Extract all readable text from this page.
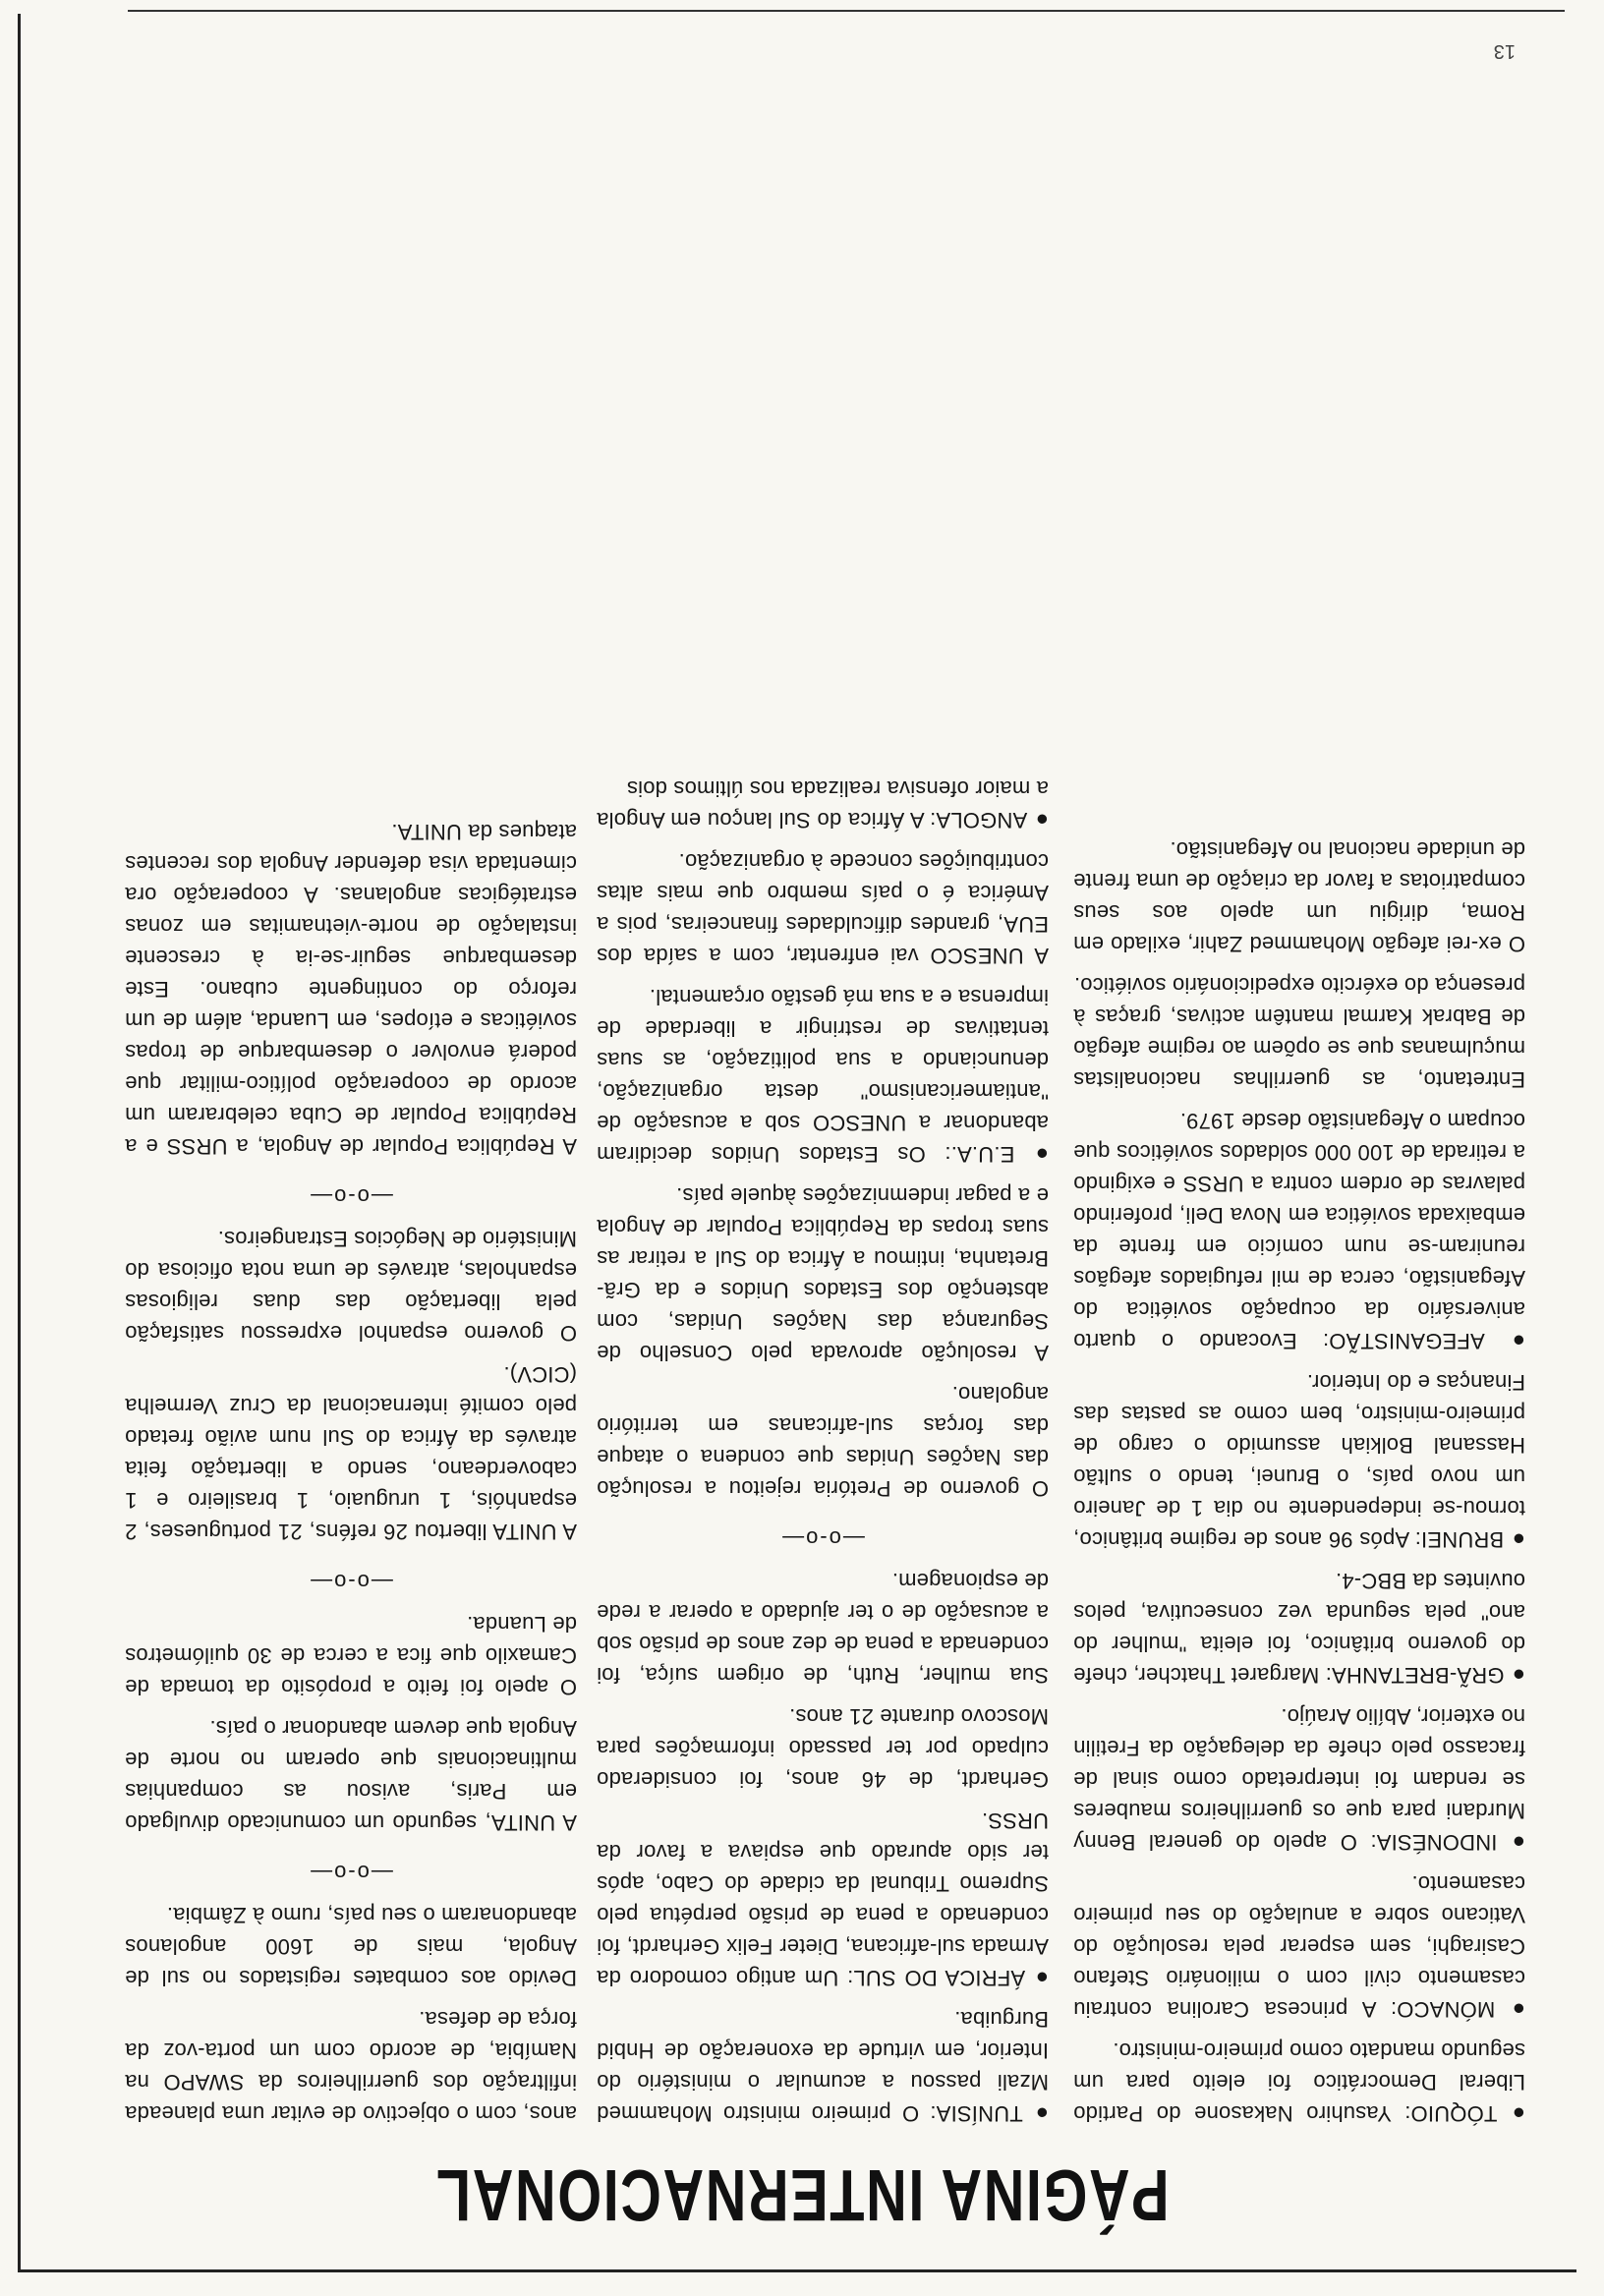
PÁGINA INTERNACIONAL

●TÓQUIO: Yasuhiro Nakasone do Partido Liberal Democrático foi eleito para um segundo mandato como primeiro-ministro.

●MÓNACO: A princesa Carolina contraiu casamento civil com o milionário Stefano Casiraghi, sem esperar pela resolução do Vaticano sobre a anulação do seu primeiro casamento.

●INDONÉSIA: O apelo do general Benny Murdani para que os guerrilheiros mauberes se rendam foi interpretado como sinal de fracasso pelo chefe da delegação da Fretilin no exterior, Abílio Araújo.

●GRÃ-BRETANHA: Margaret Thatcher, chefe do governo britânico, foi eleita "mulher do ano" pela segunda vez consecutiva, pelos ouvintes da BBC-4.

●BRUNEI: Após 96 anos de regime britânico, tornou-se independente no dia 1 de Janeiro um novo país, o Brunei, tendo o sultão Hassanal Bolkiah assumido o cargo de primeiro-ministro, bem como as pastas das Finanças e do Interior.

●AFEGANISTÃO: Evocando o quarto aniversário da ocupação soviética do Afeganistão, cerca de mil refugiados afegãos reuniram-se num comício em frente da embaixada soviética em Nova Deli, proferindo palavras de ordem contra a URSS e exigindo a retirada de 100 000 soldados soviéticos que ocupam o Afeganistão desde 1979.

Entretanto, as guerrilhas nacionalistas muçulmanas que se opõem ao regime afegão de Babrak Karmal mantêm activas, graças à presença do exército expedicionário soviético.

O ex-rei afegão Mohammed Zahir, exilado em Roma, dirigiu um apelo aos seus compatriotas a favor da criação de uma frente de unidade nacional no Afeganistão.

●TUNÍSIA: O primeiro ministro Mohammed Mzali passou a acumular o ministério do Interior, em virtude da exoneração de Hnbid Burguiba.

●ÁFRICA DO SUL: Um antigo comodoro da Armada sul-africana, Dieter Felix Gerhardt, foi condenado a pena de prisão perpétua pelo Supremo Tribunal da cidade do Cabo, após ter sido apurado que espiava a favor da URSS.

Gerhardt, de 46 anos, foi considerado culpado por ter passado informações para Moscovo durante 21 anos.

Sua mulher, Ruth, de origem suíça, foi condenada a pena de dez anos de prisão sob a acusação de o ter ajudado a operar a rede de espionagem.

—o-o—

O governo de Pretória rejeitou a resolução das Nações Unidas que condena o ataque das forças sul-africanas em território angolano.

A resolução aprovada pelo Conselho de Segurança das Nações Unidas, com abstenção dos Estados Unidos e da Grã-Bretanha, intimou a África do Sul a retirar as suas tropas da República Popular de Angola e a pagar indemnizações àquele país.

●E.U.A.: Os Estados Unidos decidiram abandonar a UNESCO sob a acusação de "antiamericanismo" desta organização, denunciando a sua politização, as suas tentativas de restringir a liberdade de imprensa e a sua má gestão orçamental.

A UNESCO vai enfrentar, com a saída dos EUA, grandes dificuldades financeiras, pois a América é o país membro que mais altas contribuições concede à organização.

●ANGOLA: A África do Sul lançou em Angola a maior ofensiva realizada nos últimos dois

anos, com o objectivo de evitar uma planeada infiltração dos guerrilheiros da SWAPO na Namíbia, de acordo com um porta-voz da força de defesa.

Devido aos combates registados no sul de Angola, mais de 1600 angolanos abandonaram o seu país, rumo à Zâmbia.

—o-o—

A UNITA, segundo um comunicado divulgado em Paris, avisou as companhias multinacionais que operam no norte de Angola que devem abandonar o país.

O apelo foi feito a propósito da tomada de Camaxilo que fica a cerca de 30 quilómetros de Luanda.

—o-o—

A UNITA libertou 26 reféns, 21 portugueses, 2 espanhóis, 1 uruguaio, 1 brasileiro e 1 caboverdeano, sendo a libertação feita através da África do Sul num avião fretado pelo comité internacional da Cruz Vermelha (CICV).

O governo espanhol expressou satisfação pela libertação das duas religiosas espanholas, através de uma nota oficiosa do Ministério de Negócios Estrangeiros.

—o-o—

A República Popular de Angola, a URSS e a República Popular de Cuba celebraram um acordo de cooperação político-militar que poderá envolver o desembarque de tropas soviéticas e etíopes, em Luanda, além de um reforço do contingente cubano. Este desembarque seguir-se-ia à crescente instalação de norte-vietnamitas em zonas estratégicas angolanas. A cooperação ora cimentada visa defender Angola dos recentes ataques da UNITA.

13
